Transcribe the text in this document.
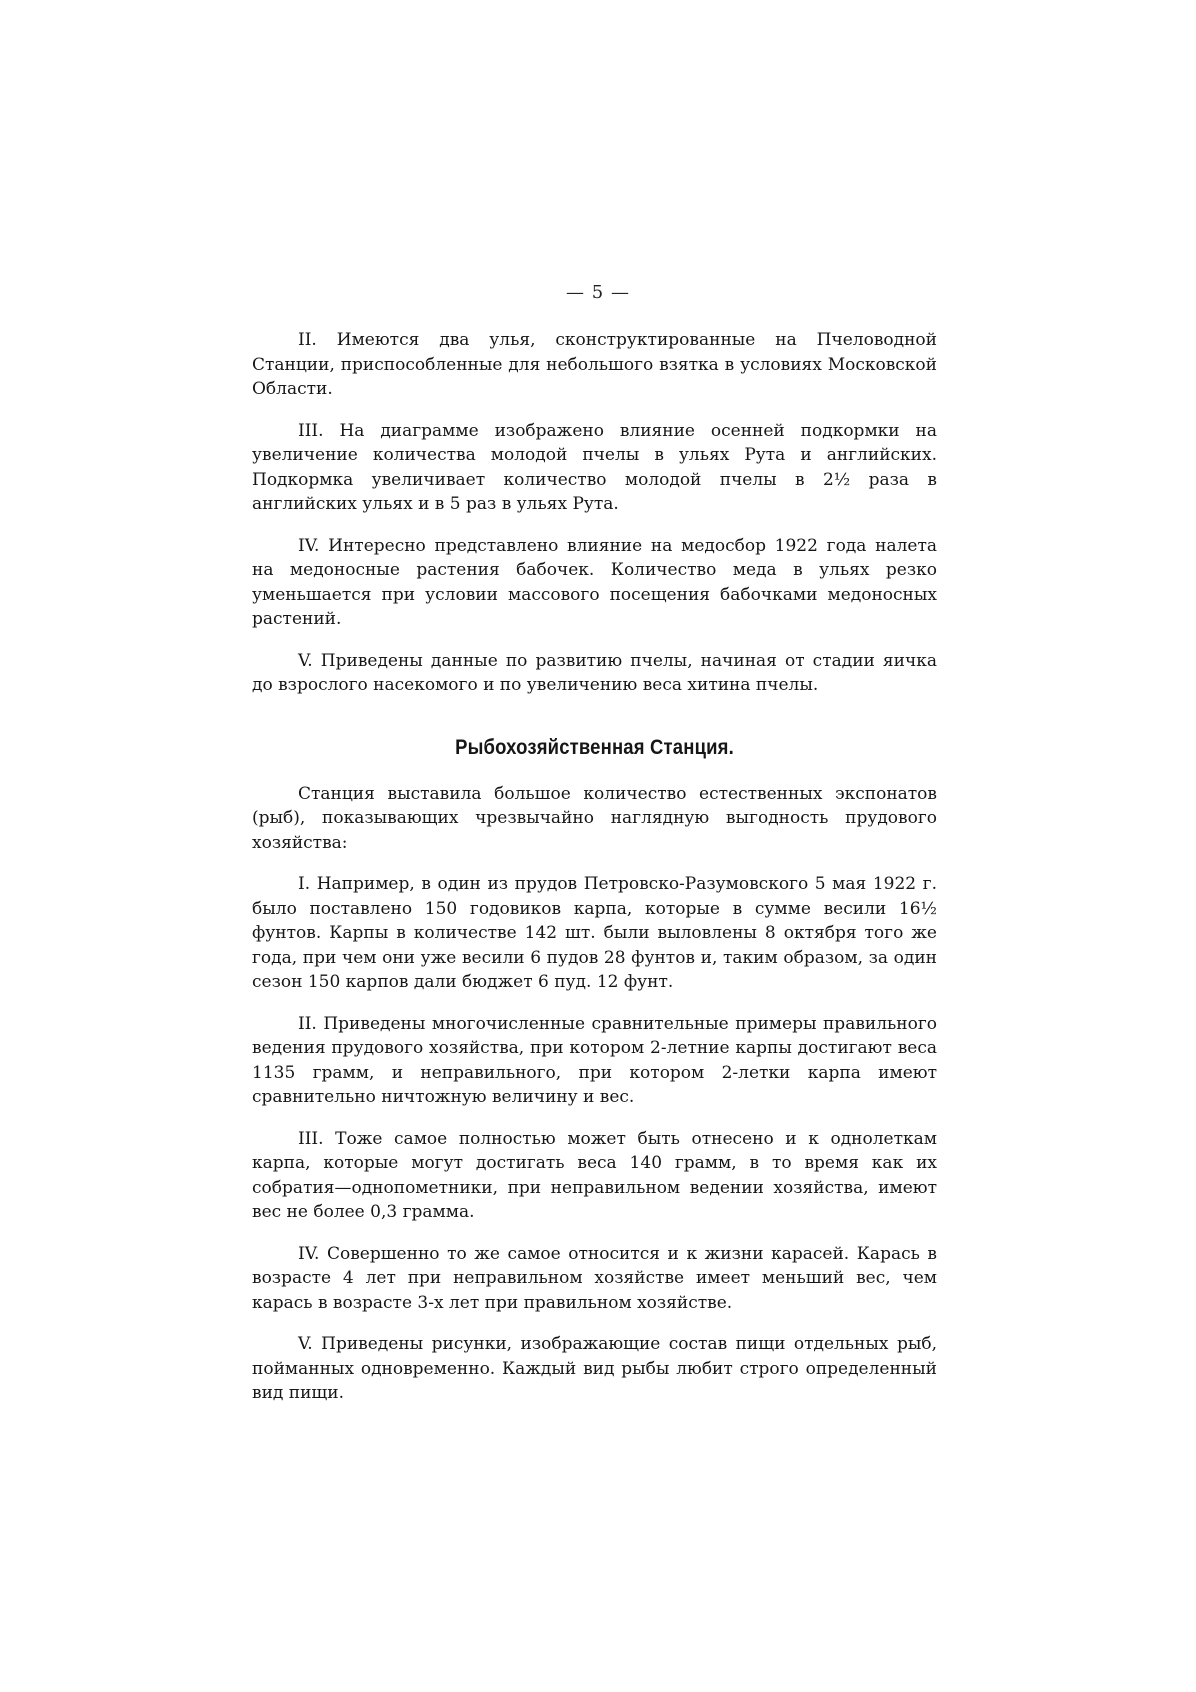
— 5 —

II. Имеются два улья, сконструктированные на Пчеловодной Станции, приспособленные для небольшого взятка в условиях Московской Области.

III. На диаграмме изображено влияние осенней подкормки на увеличение количества молодой пчелы в ульях Рута и английских. Подкормка увеличивает количество молодой пчелы в 2½ раза в английских ульях и в 5 раз в ульях Рута.

IV. Интересно представлено влияние на медосбор 1922 года налета на медоносные растения бабочек. Количество меда в ульях резко уменьшается при условии массового посещения бабочками медоносных растений.

V. Приведены данные по развитию пчелы, начиная от стадии яичка до взрослого насекомого и по увеличению веса хитина пчелы.

Рыбохозяйственная Станция.

Станция выставила большое количество естественных экспонатов (рыб), показывающих чрезвычайно наглядную выгодность прудового хозяйства:

I. Например, в один из прудов Петровско-Разумовского 5 мая 1922 г. было поставлено 150 годовиков карпа, которые в сумме весили 16½ фунтов. Карпы в количестве 142 шт. были выловлены 8 октября того же года, при чем они уже весили 6 пудов 28 фунтов и, таким образом, за один сезон 150 карпов дали бюджет 6 пуд. 12 фунт.

II. Приведены многочисленные сравнительные примеры правильного ведения прудового хозяйства, при котором 2-летние карпы достигают веса 1135 грамм, и неправильного, при котором 2-летки карпа имеют сравнительно ничтожную величину и вес.

III. Тоже самое полностью может быть отнесено и к однолеткам карпа, которые могут достигать веса 140 грамм, в то время как их собратия—однопометники, при неправильном ведении хозяйства, имеют вес не более 0,3 грамма.

IV. Совершенно то же самое относится и к жизни карасей. Карась в возрасте 4 лет при неправильном хозяйстве имеет меньший вес, чем карась в возрасте 3-х лет при правильном хозяйстве.

V. Приведены рисунки, изображающие состав пищи отдельных рыб, пойманных одновременно. Каждый вид рыбы любит строго определенный вид пищи.
